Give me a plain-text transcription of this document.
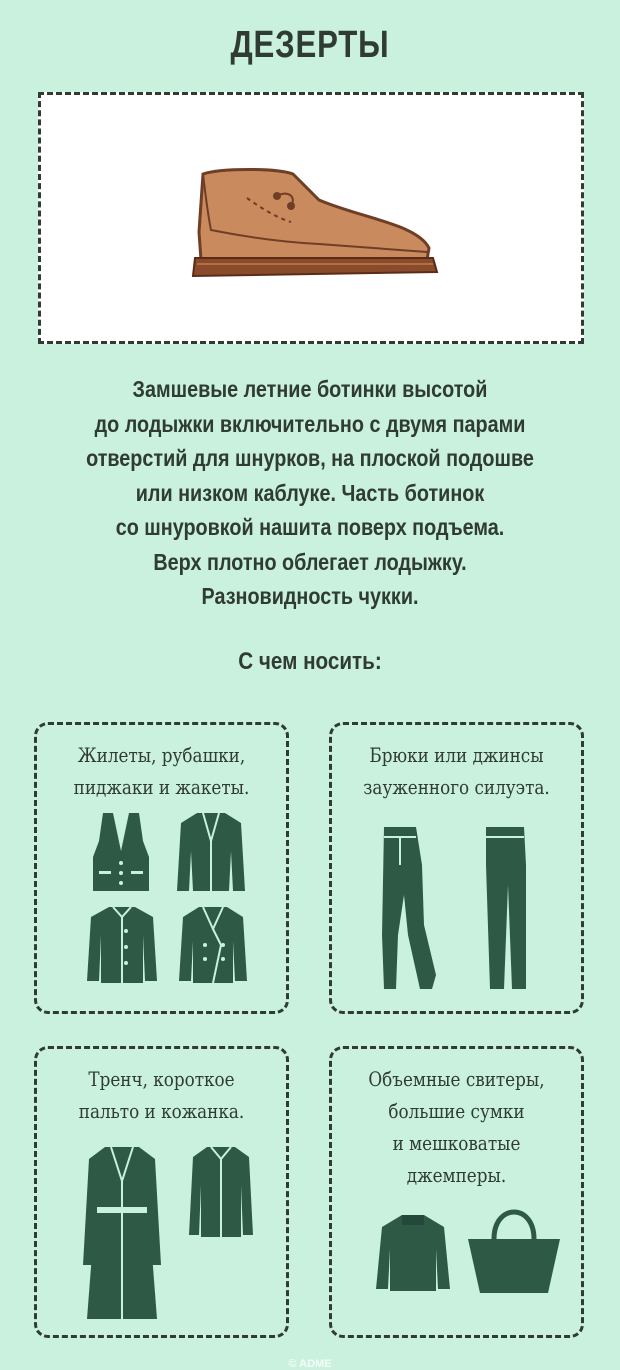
ДЕЗЕРТЫ
Замшевые летние ботинки высотой
до лодыжки включительно с двумя парами
отверстий для шнурков, на плоской подошве
или низком каблуке. Часть ботинок
со шнуровкой нашита поверх подъема.
Верх плотно облегает лодыжку.
Разновидность чукки.
С чем носить:
Жилеты, рубашки,
пиджаки и жакеты.
Брюки или джинсы
зауженного силуэта.
Тренч, короткое
пальто и кожанка.
Объемные свитеры,
большие сумки
и мешковатые
джемперы.
© ADME
